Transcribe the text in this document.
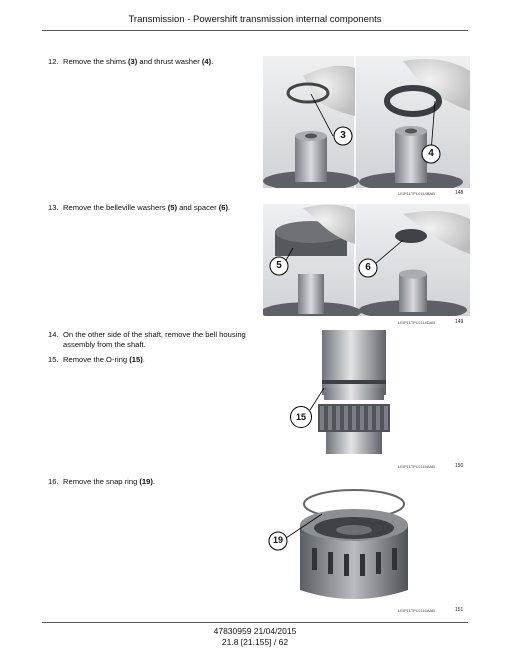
Transmission - Powershift transmission internal components
12. Remove the shims (3) and thrust washer (4).
3
4
LEIP11TPL0114BAB	148
13. Remove the belleville washers (5) and spacer (6).
5	6
LEIP11TPL0114DAB	149
14. On the other side of the shaft, remove the bell housing
assembly from the shaft.
15. Remove the O-ring (15).
15
LEIP11TPL0115AAB	150
16. Remove the snap ring (19).
19
LEIP11TPL0116AAB	151
47830959 21/04/2015
21.8 [21.155] / 62
